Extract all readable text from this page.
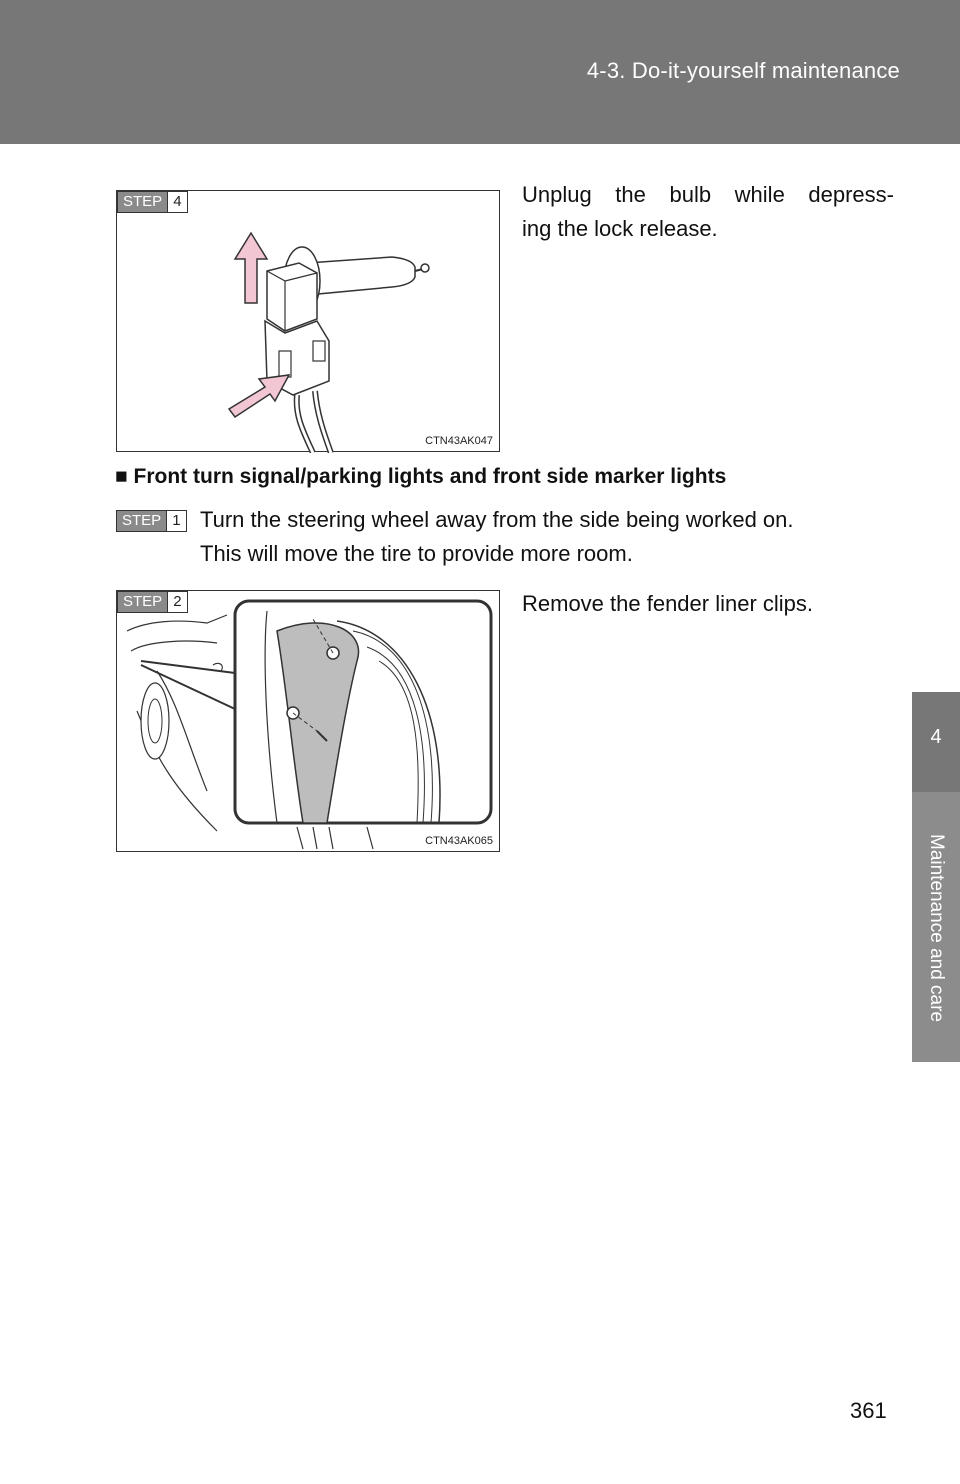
4-3. Do-it-yourself maintenance
4
Maintenance and care
STEP 4
CTN43AK047
Unplug the bulb while depress-
ing the lock release.
■ Front turn signal/parking lights and front side marker lights
STEP 1 Turn the steering wheel away from the side being worked on.
This will move the tire to provide more room.
STEP 2
CTN43AK065
Remove the fender liner clips.
361
